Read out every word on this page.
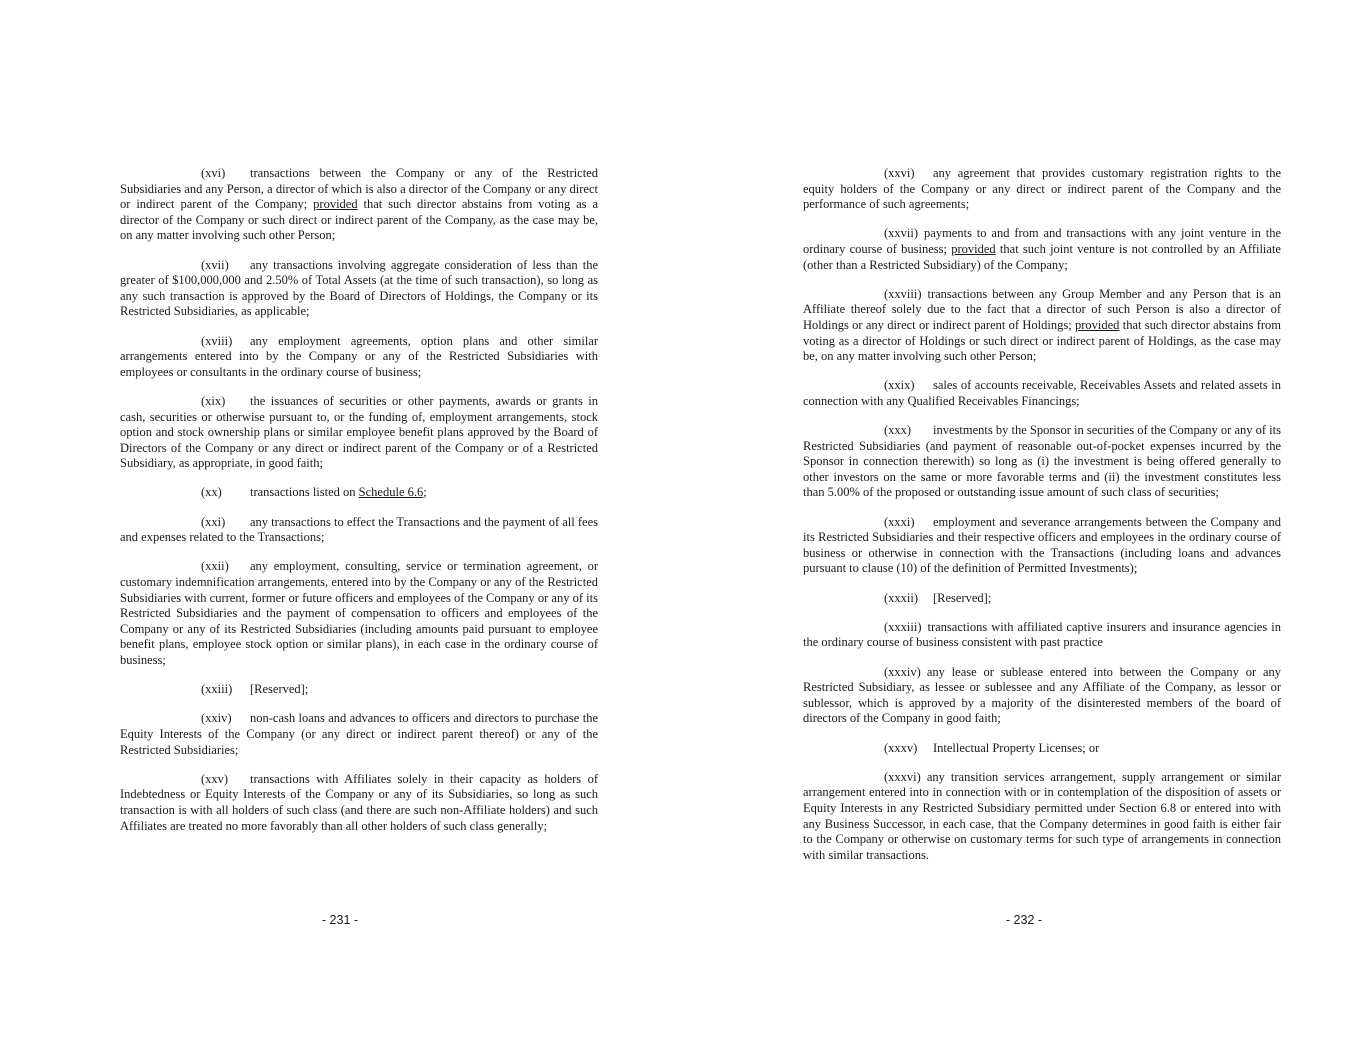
(xvi) transactions between the Company or any of the Restricted Subsidiaries and any Person, a director of which is also a director of the Company or any direct or indirect parent of the Company; provided that such director abstains from voting as a director of the Company or such direct or indirect parent of the Company, as the case may be, on any matter involving such other Person;

(xvii) any transactions involving aggregate consideration of less than the greater of $100,000,000 and 2.50% of Total Assets (at the time of such transaction), so long as any such transaction is approved by the Board of Directors of Holdings, the Company or its Restricted Subsidiaries, as applicable;

(xviii) any employment agreements, option plans and other similar arrangements entered into by the Company or any of the Restricted Subsidiaries with employees or consultants in the ordinary course of business;

(xix) the issuances of securities or other payments, awards or grants in cash, securities or otherwise pursuant to, or the funding of, employment arrangements, stock option and stock ownership plans or similar employee benefit plans approved by the Board of Directors of the Company or any direct or indirect parent of the Company or of a Restricted Subsidiary, as appropriate, in good faith;

(xx) transactions listed on Schedule 6.6;

(xxi) any transactions to effect the Transactions and the payment of all fees and expenses related to the Transactions;

(xxii) any employment, consulting, service or termination agreement, or customary indemnification arrangements, entered into by the Company or any of the Restricted Subsidiaries with current, former or future officers and employees of the Company or any of its Restricted Subsidiaries and the payment of compensation to officers and employees of the Company or any of its Restricted Subsidiaries (including amounts paid pursuant to employee benefit plans, employee stock option or similar plans), in each case in the ordinary course of business;

(xxiii) [Reserved];

(xxiv) non-cash loans and advances to officers and directors to purchase the Equity Interests of the Company (or any direct or indirect parent thereof) or any of the Restricted Subsidiaries;

(xxv) transactions with Affiliates solely in their capacity as holders of Indebtedness or Equity Interests of the Company or any of its Subsidiaries, so long as such transaction is with all holders of such class (and there are such non-Affiliate holders) and such Affiliates are treated no more favorably than all other holders of such class generally;

- 231 -

(xxvi) any agreement that provides customary registration rights to the equity holders of the Company or any direct or indirect parent of the Company and the performance of such agreements;

(xxvii) payments to and from and transactions with any joint venture in the ordinary course of business; provided that such joint venture is not controlled by an Affiliate (other than a Restricted Subsidiary) of the Company;

(xxviii) transactions between any Group Member and any Person that is an Affiliate thereof solely due to the fact that a director of such Person is also a director of Holdings or any direct or indirect parent of Holdings; provided that such director abstains from voting as a director of Holdings or such direct or indirect parent of Holdings, as the case may be, on any matter involving such other Person;

(xxix) sales of accounts receivable, Receivables Assets and related assets in connection with any Qualified Receivables Financings;

(xxx) investments by the Sponsor in securities of the Company or any of its Restricted Subsidiaries (and payment of reasonable out-of-pocket expenses incurred by the Sponsor in connection therewith) so long as (i) the investment is being offered generally to other investors on the same or more favorable terms and (ii) the investment constitutes less than 5.00% of the proposed or outstanding issue amount of such class of securities;

(xxxi) employment and severance arrangements between the Company and its Restricted Subsidiaries and their respective officers and employees in the ordinary course of business or otherwise in connection with the Transactions (including loans and advances pursuant to clause (10) of the definition of Permitted Investments);

(xxxii) [Reserved];

(xxxiii) transactions with affiliated captive insurers and insurance agencies in the ordinary course of business consistent with past practice

(xxxiv) any lease or sublease entered into between the Company or any Restricted Subsidiary, as lessee or sublessee and any Affiliate of the Company, as lessor or sublessor, which is approved by a majority of the disinterested members of the board of directors of the Company in good faith;

(xxxv) Intellectual Property Licenses; or

(xxxvi) any transition services arrangement, supply arrangement or similar arrangement entered into in connection with or in contemplation of the disposition of assets or Equity Interests in any Restricted Subsidiary permitted under Section 6.8 or entered into with any Business Successor, in each case, that the Company determines in good faith is either fair to the Company or otherwise on customary terms for such type of arrangements in connection with similar transactions.

- 232 -
